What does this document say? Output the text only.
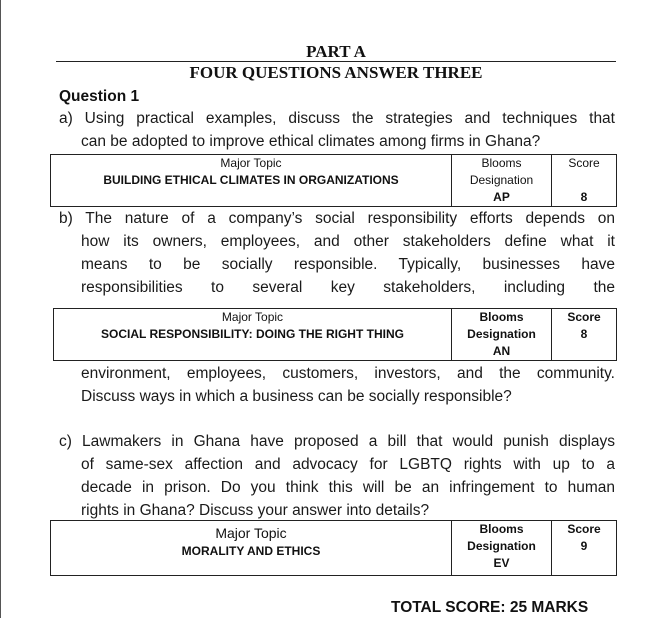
PART A
FOUR QUESTIONS ANSWER THREE
Question 1
a) Using practical examples, discuss the strategies and techniques that
can be adopted to improve ethical climates among firms in Ghana?
Major Topic
BUILDING ETHICAL CLIMATES IN ORGANIZATIONS
Blooms
Designation
AP
Score
8
b) The nature of a company’s social responsibility efforts depends on
how its owners, employees, and other stakeholders define what it
means to be socially responsible. Typically, businesses have
responsibilities to several key stakeholders, including the
Major Topic
SOCIAL RESPONSIBILITY: DOING THE RIGHT THING
Blooms
Designation
AN
Score
8
environment, employees, customers, investors, and the community.
Discuss ways in which a business can be socially responsible?
c) Lawmakers in Ghana have proposed a bill that would punish displays
of same-sex affection and advocacy for LGBTQ rights with up to a
decade in prison. Do you think this will be an infringement to human
rights in Ghana? Discuss your answer into details?
Major Topic
MORALITY AND ETHICS
Blooms
Designation
EV
Score
9
TOTAL SCORE: 25 MARKS
